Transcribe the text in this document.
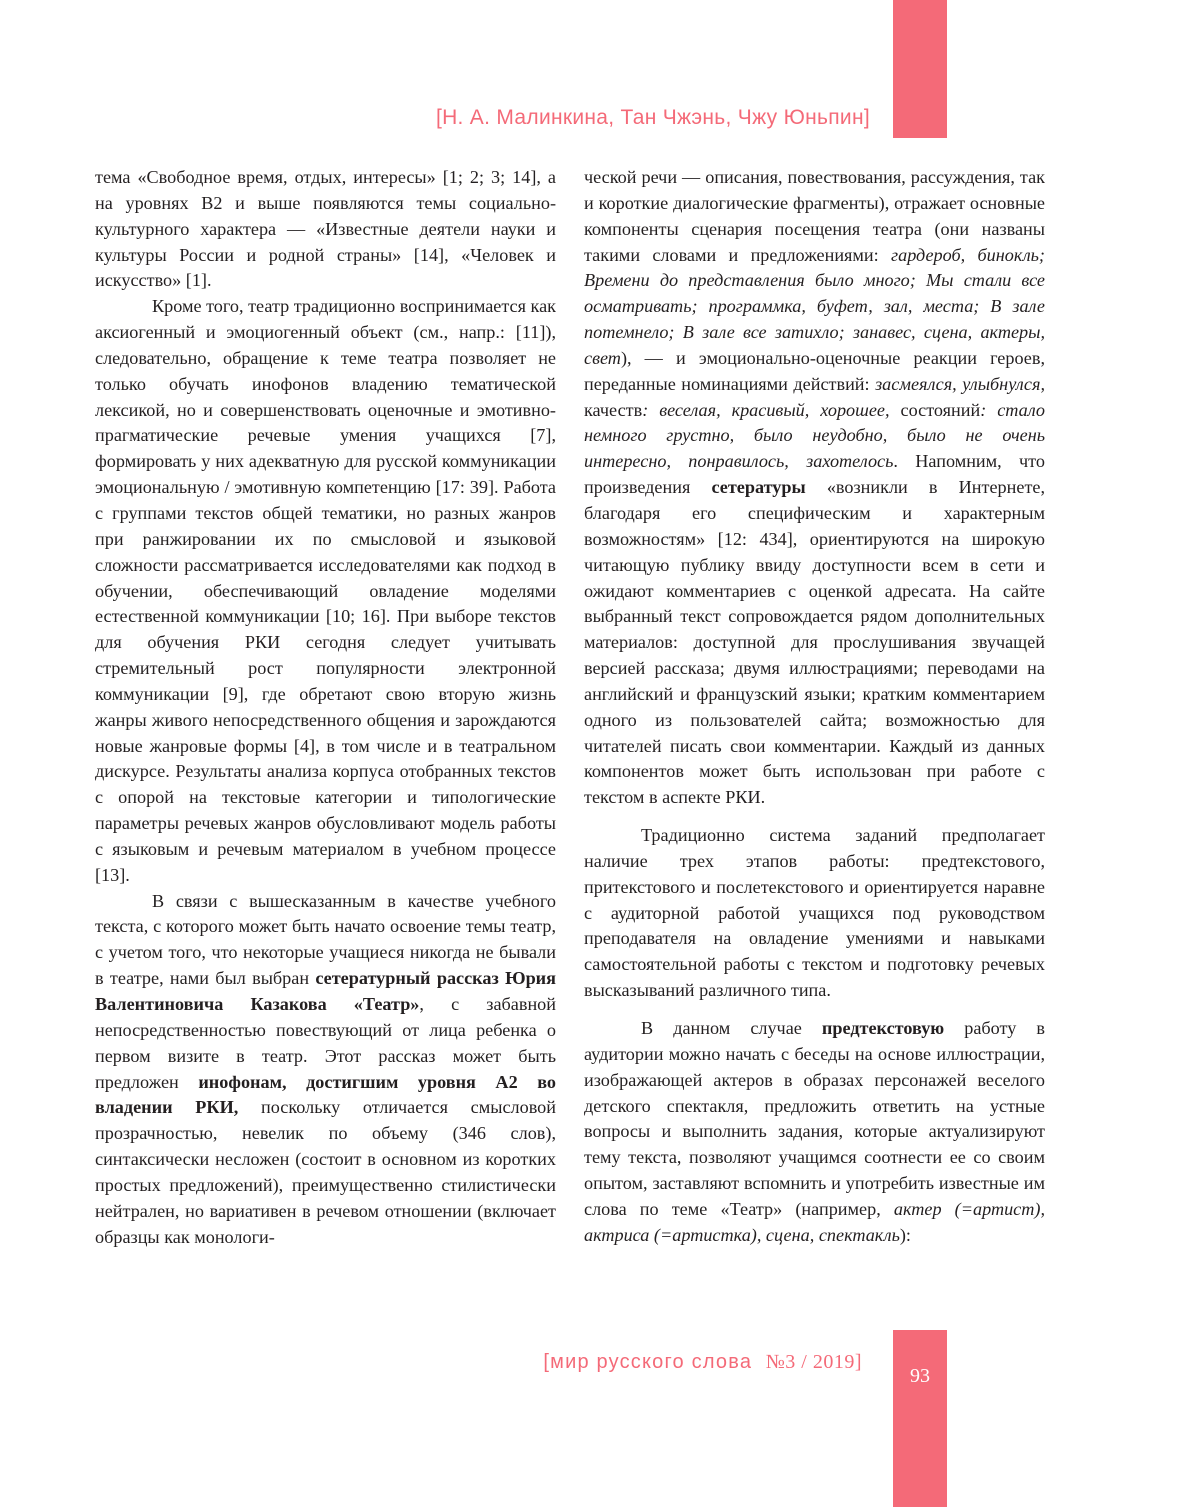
[Н. А. Малинкина, Тан Чжэнь, Чжу Юньпин]

тема «Свободное время, отдых, интересы» [1; 2; 3; 14], а на уровнях В2 и выше появляются темы социально-культурного характера — «Известные деятели науки и культуры России и родной страны» [14], «Человек и искусство» [1].

Кроме того, театр традиционно воспринимается как аксиогенный и эмоциогенный объект (см., напр.: [11]), следовательно, обращение к теме театра позволяет не только обучать инофонов владению тематической лексикой, но и совершенствовать оценочные и эмотивно-прагматические речевые умения учащихся [7], формировать у них адекватную для русской коммуникации эмоциональную / эмотивную компетенцию [17: 39]. Работа с группами текстов общей тематики, но разных жанров при ранжировании их по смысловой и языковой сложности рассматривается исследователями как подход в обучении, обеспечивающий овладение моделями естественной коммуникации [10; 16]. При выборе текстов для обучения РКИ сегодня следует учитывать стремительный рост популярности электронной коммуникации [9], где обретают свою вторую жизнь жанры живого непосредственного общения и зарождаются новые жанровые формы [4], в том числе и в театральном дискурсе. Результаты анализа корпуса отобранных текстов с опорой на текстовые категории и типологические параметры речевых жанров обусловливают модель работы с языковым и речевым материалом в учебном процессе [13].

В связи с вышесказанным в качестве учебного текста, с которого может быть начато освоение темы театр, с учетом того, что некоторые учащиеся никогда не бывали в театре, нами был выбран сетературный рассказ Юрия Валентиновича Казакова «Театр», с забавной непосредственностью повествующий от лица ребенка о первом визите в театр. Этот рассказ может быть предложен инофонам, достигшим уровня А2 во владении РКИ, поскольку отличается смысловой прозрачностью, невелик по объему (346 слов), синтаксически несложен (состоит в основном из коротких простых предложений), преимущественно стилистически нейтрален, но вариативен в речевом отношении (включает образцы как монологи-

ческой речи — описания, повествования, рассуждения, так и короткие диалогические фрагменты), отражает основные компоненты сценария посещения театра (они названы такими словами и предложениями: гардероб, бинокль; Времени до представления было много; Мы стали все осматривать; программка, буфет, зал, места; В зале потемнело; В зале все затихло; занавес, сцена, актеры, свет), — и эмоционально-оценочные реакции героев, переданные номинациями действий: засмеялся, улыбнулся, качеств: веселая, красивый, хорошее, состояний: стало немного грустно, было неудобно, было не очень интересно, понравилось, захотелось. Напомним, что произведения сетературы «возникли в Интернете, благодаря его специфическим и характерным возможностям» [12: 434], ориентируются на широкую читающую публику ввиду доступности всем в сети и ожидают комментариев с оценкой адресата. На сайте выбранный текст сопровождается рядом дополнительных материалов: доступной для прослушивания звучащей версией рассказа; двумя иллюстрациями; переводами на английский и французский языки; кратким комментарием одного из пользователей сайта; возможностью для читателей писать свои комментарии. Каждый из данных компонентов может быть использован при работе с текстом в аспекте РКИ.

Традиционно система заданий предполагает наличие трех этапов работы: предтекстового, притекстового и послетекстового и ориентируется наравне с аудиторной работой учащихся под руководством преподавателя на овладение умениями и навыками самостоятельной работы с текстом и подготовку речевых высказываний различного типа.

В данном случае предтекстовую работу в аудитории можно начать с беседы на основе иллюстрации, изображающей актеров в образах персонажей веселого детского спектакля, предложить ответить на устные вопросы и выполнить задания, которые актуализируют тему текста, позволяют учащимся соотнести ее со своим опытом, заставляют вспомнить и употребить известные им слова по теме «Театр» (например, актер (=артист), актриса (=артистка), сцена, спектакль):

[мир русского слова №3 / 2019]
93
